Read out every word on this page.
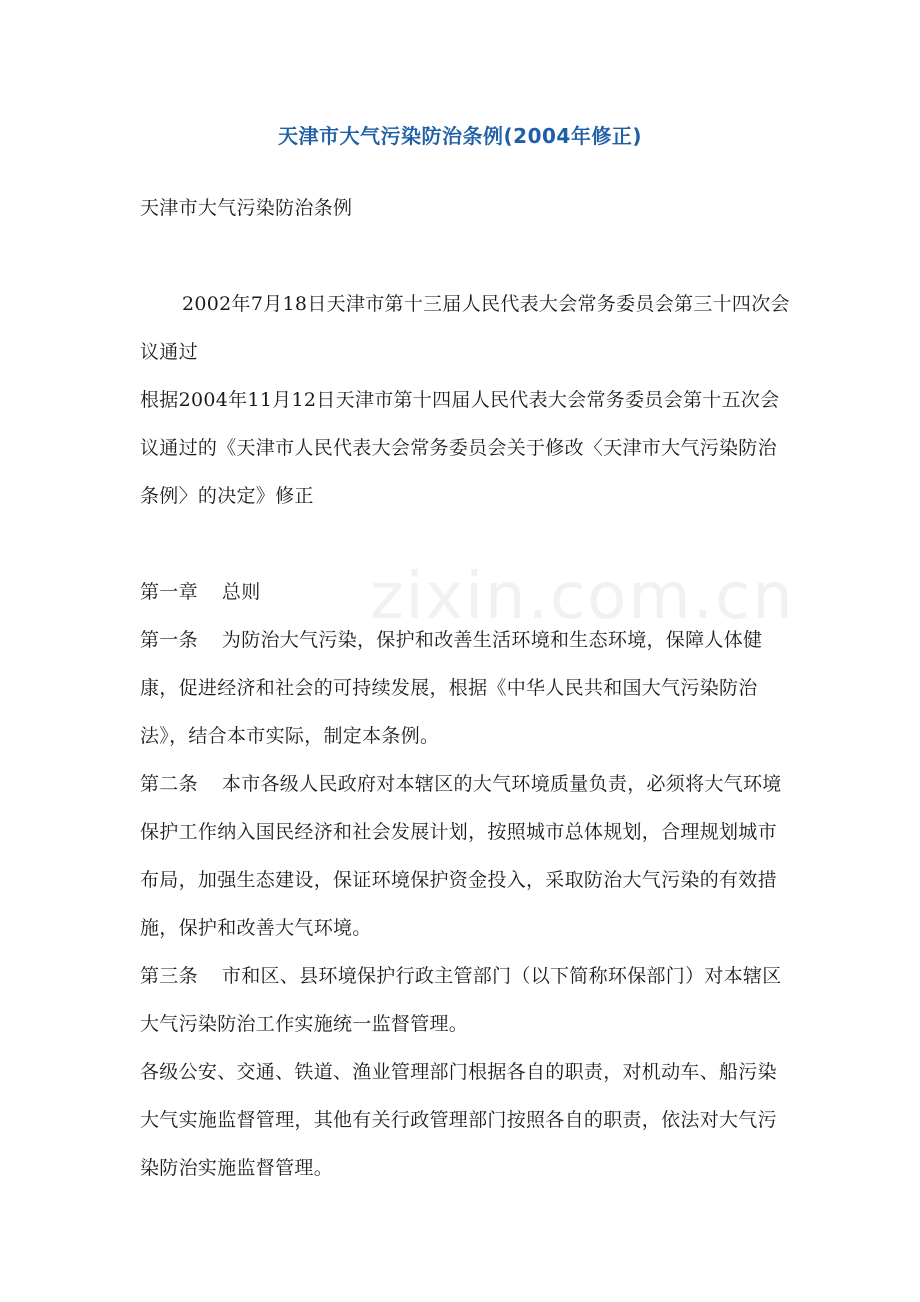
zixin.com.cn
天津市大气污染防治条例(2004年修正)
天津市大气污染防治条例
2002年7月18日天津市第十三届人民代表大会常务委员会第三十四次会议通过
根据2004年11月12日天津市第十四届人民代表大会常务委员会第十五次会议通过的《天津市人民代表大会常务委员会关于修改〈天津市大气污染防治条例〉的决定》修正
第一章 总则
第一条 为防治大气污染，保护和改善生活环境和生态环境，保障人体健康，促进经济和社会的可持续发展，根据《中华人民共和国大气污染防治法》，结合本市实际，制定本条例。
第二条 本市各级人民政府对本辖区的大气环境质量负责，必须将大气环境保护工作纳入国民经济和社会发展计划，按照城市总体规划，合理规划城市布局，加强生态建设，保证环境保护资金投入，采取防治大气污染的有效措施，保护和改善大气环境。
第三条 市和区、县环境保护行政主管部门（以下简称环保部门）对本辖区大气污染防治工作实施统一监督管理。
各级公安、交通、铁道、渔业管理部门根据各自的职责，对机动车、船污染大气实施监督管理，其他有关行政管理部门按照各自的职责，依法对大气污染防治实施监督管理。
